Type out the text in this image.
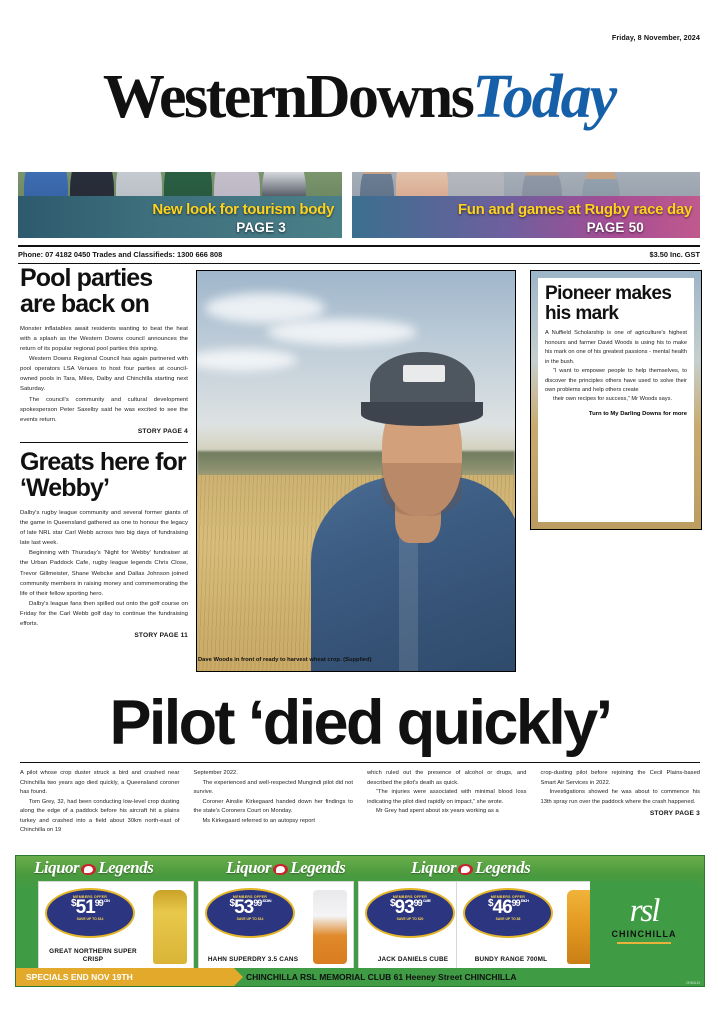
Friday, 8 November, 2024
WesternDownsToday
New look for tourism body
PAGE 3
Fun and games at Rugby race day
PAGE 50
Phone: 07 4182 0450 Trades and Classifieds: 1300 666 808	$3.50 Inc. GST
Pool parties are back on

Monster inflatables await residents wanting to beat the heat with a splash as the Western Downs council announces the return of its popular regional pool parties this spring.

Western Downs Regional Council has again partnered with pool operators LSA Venues to host four parties at council-owned pools in Tara, Miles, Dalby and Chinchilla starting next Saturday.

The council's community and cultural development spokesperson Peter Saxelby said he was excited to see the events return.

STORY PAGE 4
Greats here for ‘Webby’

Dalby's rugby league community and several former giants of the game in Queensland gathered as one to honour the legacy of late NRL star Carl Webb across two big days of fundraising late last week.

Beginning with Thursday's ‘Night for Webby’ fundraiser at the Urban Paddock Cafe, rugby league legends Chris Close, Trevor Gillmeister, Shane Webcke and Dallas Johnson joined community members in raising money and commemorating the life of their fellow sporting hero.

Dalby's league fans then spilled out onto the golf course on Friday for the Carl Webb golf day to continue the fundraising efforts.

STORY PAGE 11
Dave Woods in front of ready to harvest wheat crop. (Supplied)
Pioneer makes his mark

A Nuffield Scholarship is one of agriculture's highest honours and farmer David Woods is using his to make his mark on one of his greatest passions - mental health in the bush.

“I want to empower people to help themselves, to discover the principles others have used to solve their own problems and help others create

their own recipes for success,” Mr Woods says.

Turn to My Darling Downs for more
Pilot ‘died quickly’

A pilot whose crop duster struck a bird and crashed near Chinchilla two years ago died quickly, a Queensland coroner has found.

Tom Grey, 32, had been conducting low-level crop dusting along the edge of a paddock before his aircraft hit a plains turkey and crashed into a field about 30km north-east of Chinchilla on 19

September 2022.

The experienced and well-respected Mungindi pilot did not survive.

Coroner Ainslie Kirkegaard handed down her findings to the state's Coroners Court on Monday.

Ms Kirkegaard referred to an autopsy report

which ruled out the presence of alcohol or drugs, and described the pilot's death as quick.

“The injuries were associated with minimal blood loss indicating the pilot died rapidly on impact,” she wrote.

Mr Grey had spent about six years working as a

crop-dusting pilot before rejoining the Cecil Plains-based Smart Air Services in 2022.

Investigations showed he was about to commence his 13th spray run over the paddock where the crash happened.

STORY PAGE 3
Liquor Legends	Liquor Legends	Liquor Legends
MEMBERS OFFER
$^{\$}51^{99}CTN$
SAVE UP TO $14
GREAT NORTHERN SUPER CRISP
MEMBERS OFFER
$^{\$}53^{99}30$ CAN
SAVE UP TO $14
HAHN SUPERDRY 3.5 CANS
MEMBERS OFFER
$^{\$}93^{99}CUBE$
SAVE UP TO $20
JACK DANIELS CUBE
MEMBERS OFFER
$^{\$}46^{99}EACH$
SAVE UP TO $8
BUNDY RANGE 700ML
rsl
CHINCHILLA
SPECIALS END NOV 19TH	CHINCHILLA RSL MEMORIAL CLUB 61 Heeney Street CHINCHILLA
CRM1119
